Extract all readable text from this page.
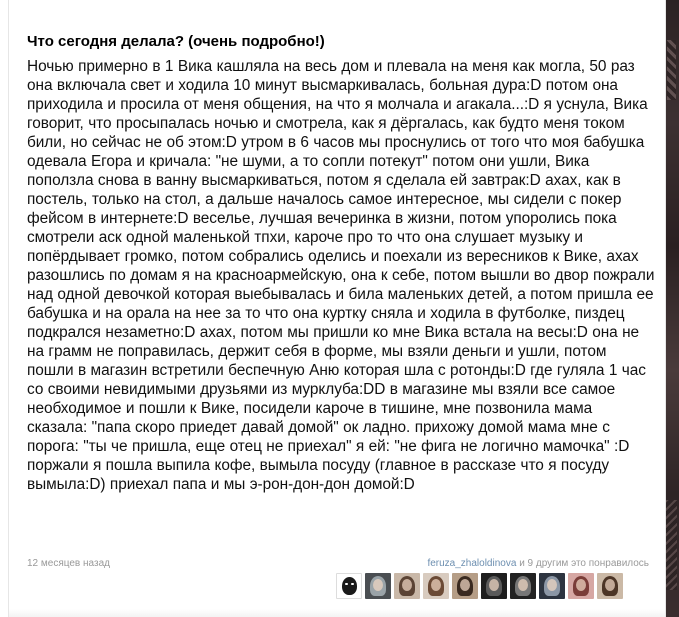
Что сегодня делала? (очень подробно!)
Ночью примерно в 1 Вика кашляла на весь дом и плевала на меня как могла, 50 раз она включала свет и ходила 10 минут высмаркивалась, больная дура:D потом она приходила и просила от меня общения, на что я молчала и агакала...:D я уснула, Вика говорит, что просыпалась ночью и смотрела, как я дёргалась, как будто меня током били, но сейчас не об этом:D утром в 6 часов мы проснулись от того что моя бабушка одевала Егора и кричала: "не шуми, а то сопли потекут" потом они ушли, Вика поползла снова в ванну высмаркиваться, потом я сделала ей завтрак:D ахах, как в постель, только на стол, а дальше началось самое интересное, мы сидели с покер фейсом в интернете:D веселье, лучшая вечеринка в жизни, потом упоролись пока смотрели аск одной маленькой тпхи, кароче про то что она слушает музыку и попёрдывает громко, потом собрались оделись и поехали из вересников к Вике, ахах разошлись по домам я на красноармейскую, она к себе, потом вышли во двор пожрали над одной девочкой которая выебывалась и била маленьких детей, а потом пришла ее бабушка и на орала на нее за то что она куртку сняла и ходила в футболке, пиздец подкрался незаметно:D ахах, потом мы пришли ко мне Вика встала на весы:D она не на грамм не поправилась, держит себя в форме, мы взяли деньги и ушли, потом пошли в магазин встретили беспечную Аню которая шла с ротонды:D где гуляла 1 час со своими невидимыми друзьями из мурклуба:DD в магазине мы взяли все самое необходимое и пошли к Вике, посидели кароче в тишине, мне позвонила мама сказала: "папа скоро приедет давай домой" ок ладно. прихожу домой мама мне с порога: "ты че пришла, еще отец не приехал" я ей: "не фига не логично мамочка" :D поржали я пошла выпила кофе, вымыла посуду (главное в рассказе что я посуду вымыла:D) приехал папа и мы э-рон-дон-дон домой:D
12 месяцев назад	feruza_zhaloldinova и 9 другим это понравилось
